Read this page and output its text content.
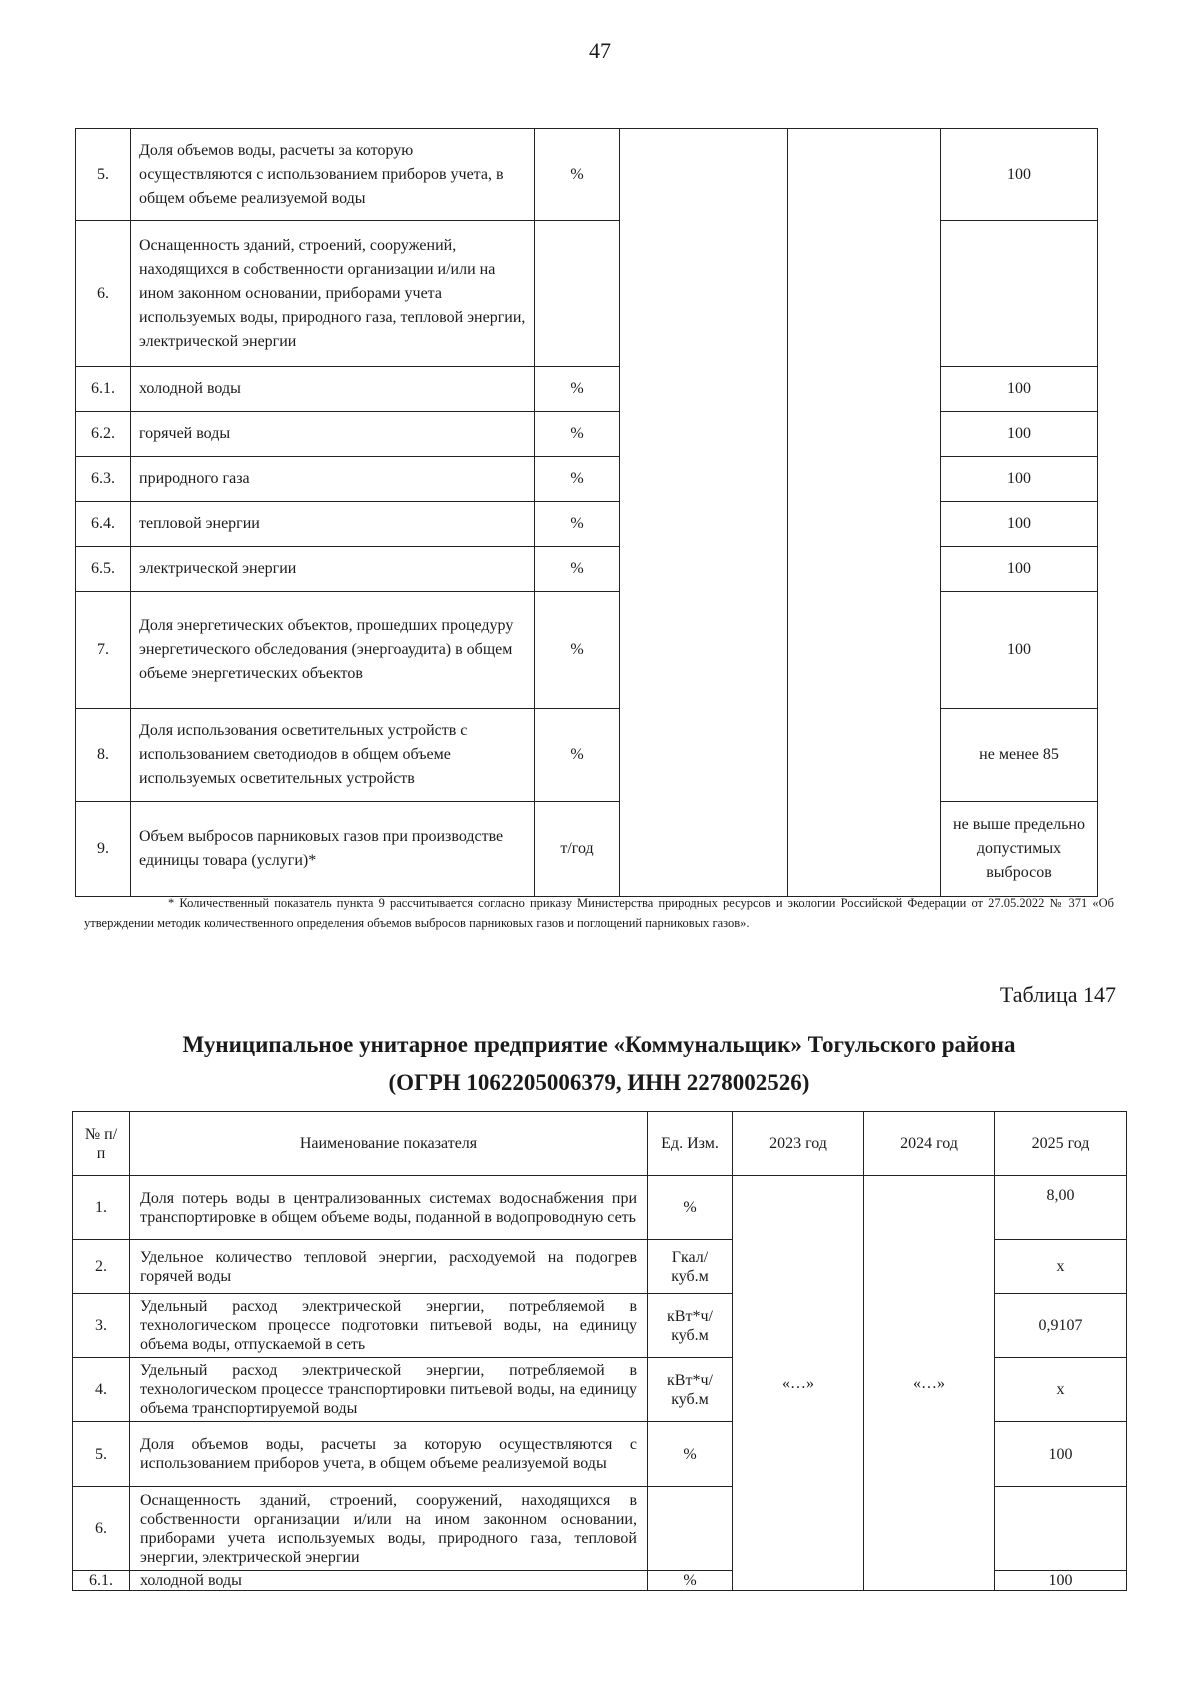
47
5.	Доля объемов воды, расчеты за которую осуществляются с использованием приборов учета, в общем объеме реализуемой воды	%			100
6.	Оснащенность зданий, строений, сооружений, находящихся в собственности организации и/или на ином законном основании, приборами учета используемых воды, природного газа, тепловой энергии, электрической энергии				
6.1.	холодной воды	%			100
6.2.	горячей воды	%			100
6.3.	природного газа	%			100
6.4.	тепловой энергии	%			100
6.5.	электрической энергии	%			100
7.	Доля энергетических объектов, прошедших процедуру энергетического обследования (энергоаудита) в общем объеме энергетических объектов	%			100
8.	Доля использования осветительных устройств с использованием светодиодов в общем объеме используемых осветительных устройств	%			не менее 85
9.	Объем выбросов парниковых газов при производстве единицы товара (услуги)*	т/год			не выше предельно допустимых выбросов
* Количественный показатель пункта 9 рассчитывается согласно приказу Министерства природных ресурсов и экологии Российской Федерации от 27.05.2022 № 371 «Об утверждении методик количественного определения объемов выбросов парниковых газов и поглощений парниковых газов».
Таблица 147
Муниципальное унитарное предприятие «Коммунальщик» Тогульского района
(ОГРН 1062205006379, ИНН 2278002526)
№ п/п	Наименование показателя	Ед. Изм.	2023 год	2024 год	2025 год
1.	Доля потерь воды в централизованных системах водоснабжения при транспортировке в общем объеме воды, поданной в водопроводную сеть	%	«…»	«…»	8,00
2.	Удельное количество тепловой энергии, расходуемой на подогрев горячей воды	Гкал/ куб.м			х
3.	Удельный расход электрической энергии, потребляемой в технологическом процессе подготовки питьевой воды, на единицу объема воды, отпускаемой в сеть	кВт*ч/ куб.м			0,9107
4.	Удельный расход электрической энергии, потребляемой в технологическом процессе транспортировки питьевой воды, на единицу объема транспортируемой воды	кВт*ч/ куб.м			х
5.	Доля объемов воды, расчеты за которую осуществляются с использованием приборов учета, в общем объеме реализуемой воды	%			100
6.	Оснащенность зданий, строений, сооружений, находящихся в собственности организации и/или на ином законном основании, приборами учета используемых воды, природного газа, тепловой энергии, электрической энергии				
6.1.	холодной воды	%			100
